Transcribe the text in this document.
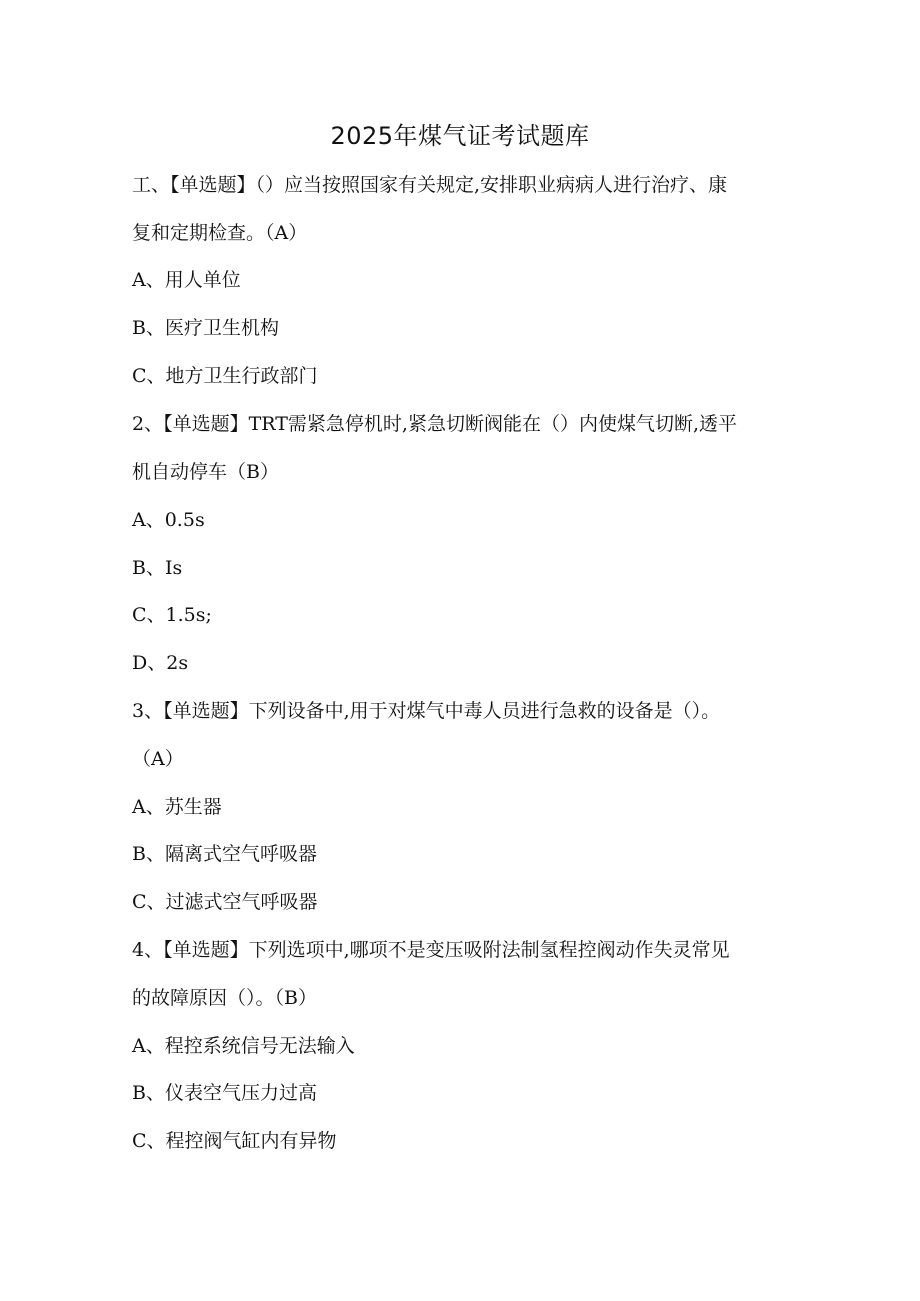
2025年煤气证考试题库
工、【单选题】（）应当按照国家有关规定,安排职业病病人进行治疗、康
复和定期检查。（A）
A、用人单位
B、医疗卫生机构
C、地方卫生行政部门
2、【单选题】TRT需紧急停机时,紧急切断阀能在（）内使煤气切断,透平
机自动停车（B）
A、0.5s
B、Is
C、1.5s;
D、2s
3、【单选题】下列设备中,用于对煤气中毒人员进行急救的设备是（）。
（A）
A、苏生器
B、隔离式空气呼吸器
C、过滤式空气呼吸器
4、【单选题】下列选项中,哪项不是变压吸附法制氢程控阀动作失灵常见
的故障原因（）。（B）
A、程控系统信号无法输入
B、仪表空气压力过高
C、程控阀气缸内有异物
